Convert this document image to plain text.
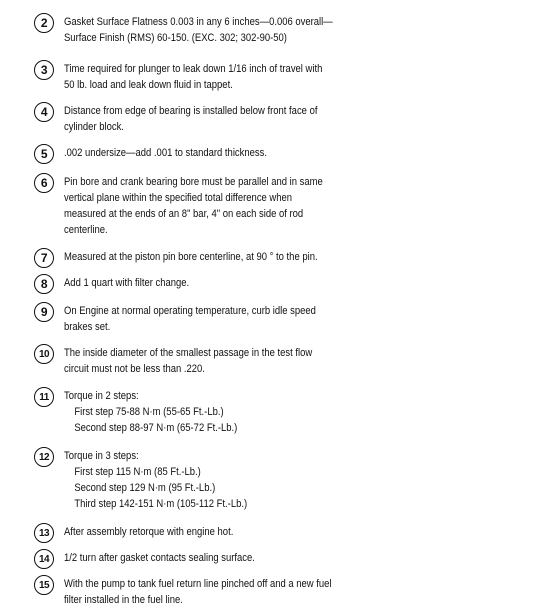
2	Gasket Surface Flatness 0.003 in any 6 inches—0.006 overall—
Surface Finish (RMS) 60-150. (EXC. 302; 302-90-50)
3	Time required for plunger to leak down 1/16 inch of travel with
50 lb. load and leak down fluid in tappet.
4	Distance from edge of bearing is installed below front face of
cylinder block.
5	.002 undersize—add .001 to standard thickness.
6	Pin bore and crank bearing bore must be parallel and in same
vertical plane within the specified total difference when
measured at the ends of an 8" bar, 4" on each side of rod
centerline.
7	Measured at the piston pin bore centerline, at 90 ° to the pin.
8	Add 1 quart with filter change.
9	On Engine at normal operating temperature, curb idle speed
brakes set.
10	The inside diameter of the smallest passage in the test flow
circuit must not be less than .220.
11	Torque in 2 steps:
First step 75-88 N·m (55-65 Ft.-Lb.)
Second step 88-97 N·m (65-72 Ft.-Lb.)
12	Torque in 3 steps:
First step 115 N·m (85 Ft.-Lb.)
Second step 129 N·m (95 Ft.-Lb.)
Third step 142-151 N·m (105-112 Ft.-Lb.)
13	After assembly retorque with engine hot.
14	1/2 turn after gasket contacts sealing surface.
15	With the pump to tank fuel return line pinched off and a new fuel
filter installed in the fuel line.
